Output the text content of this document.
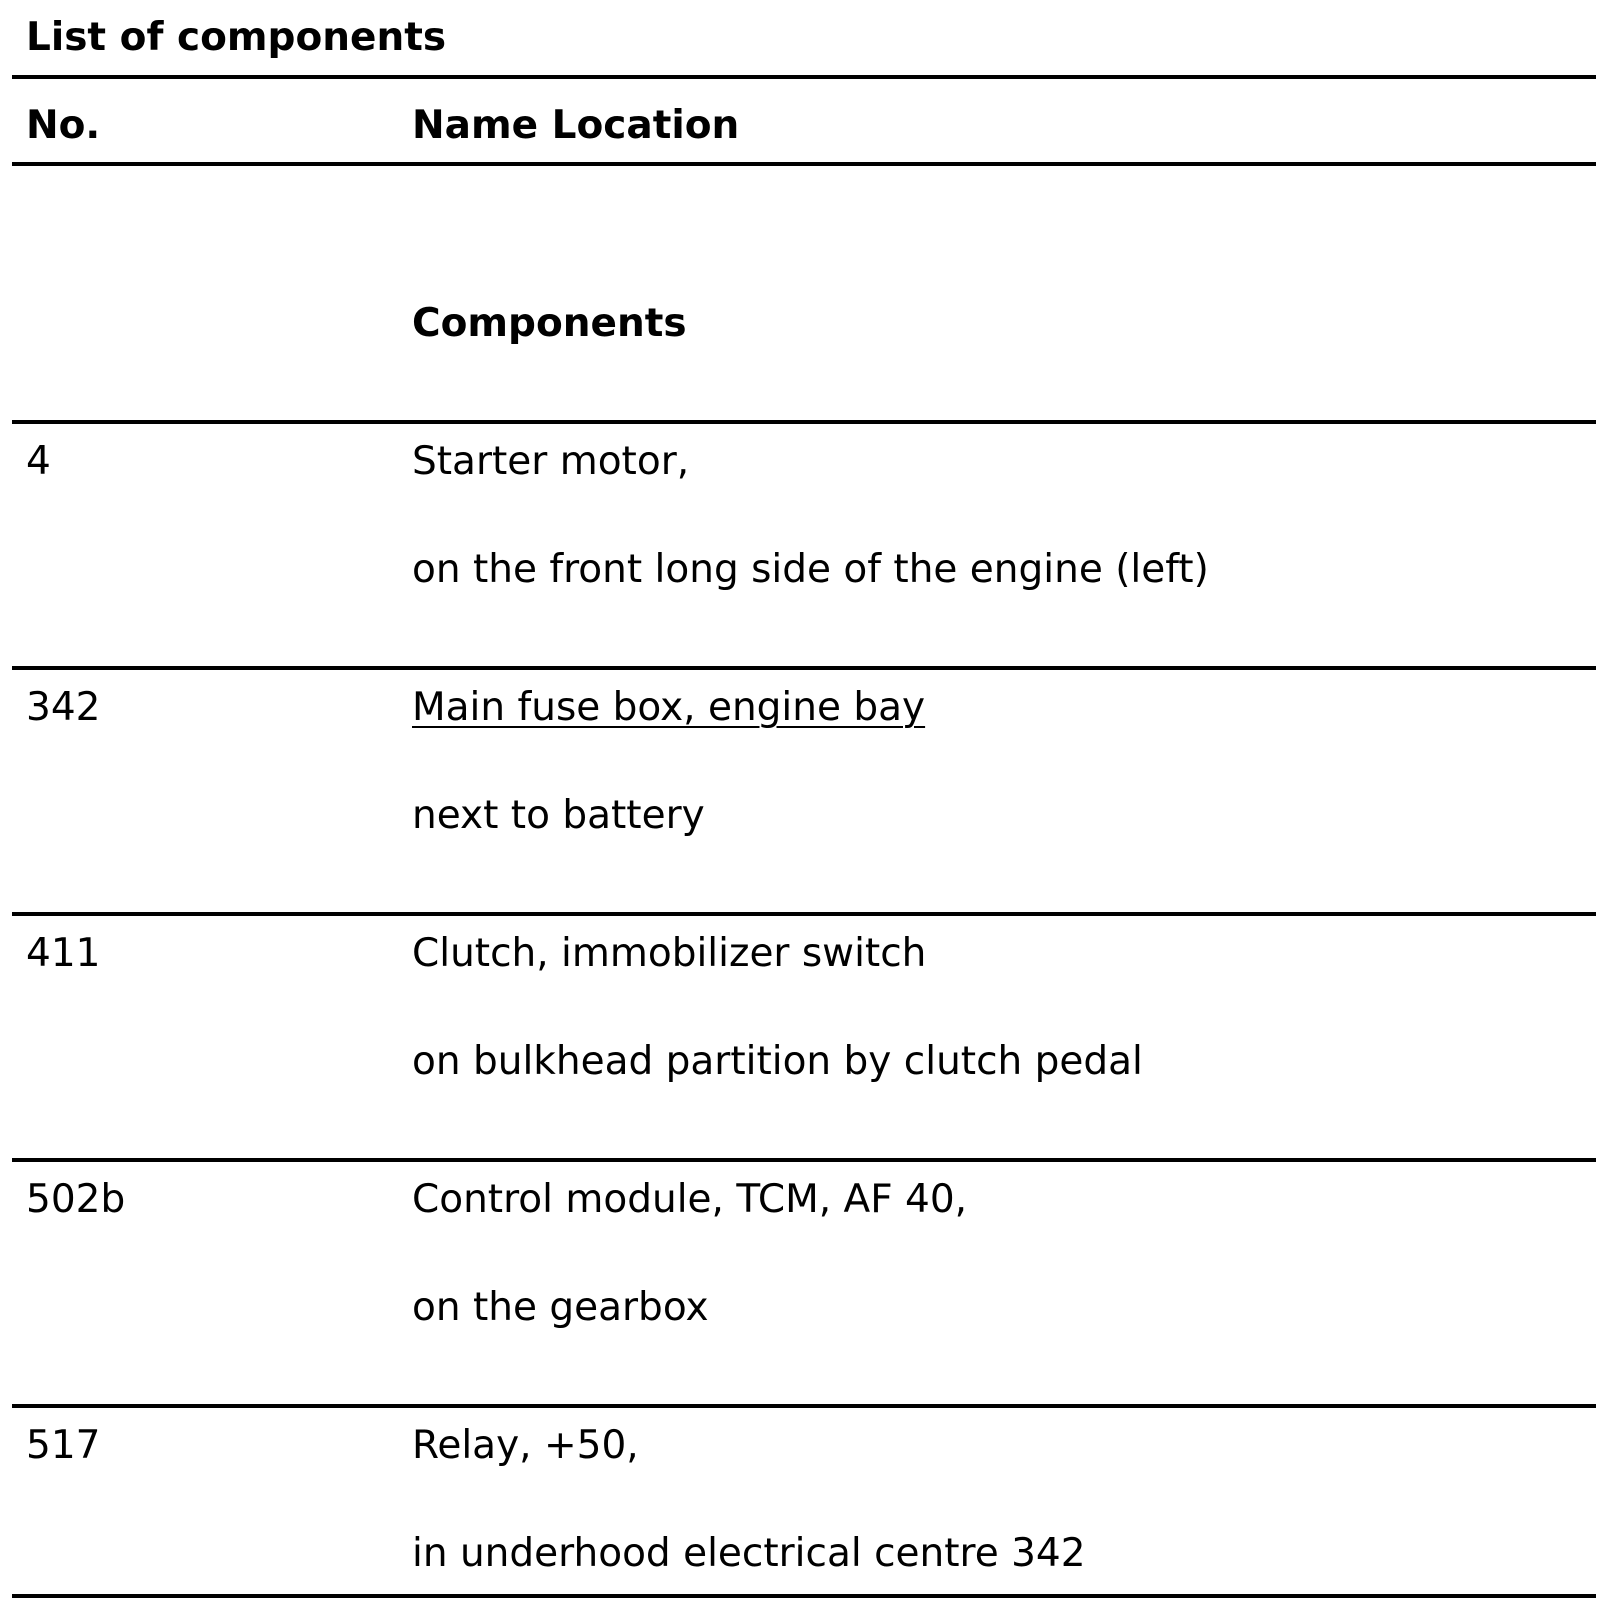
List of components
No.	Name Location
Components
4	Starter motor,
on the front long side of the engine (left)
342	Main fuse box, engine bay
next to battery
411	Clutch, immobilizer switch
on bulkhead partition by clutch pedal
502b	Control module, TCM, AF 40,
on the gearbox
517	Relay, +50,
in underhood electrical centre 342
